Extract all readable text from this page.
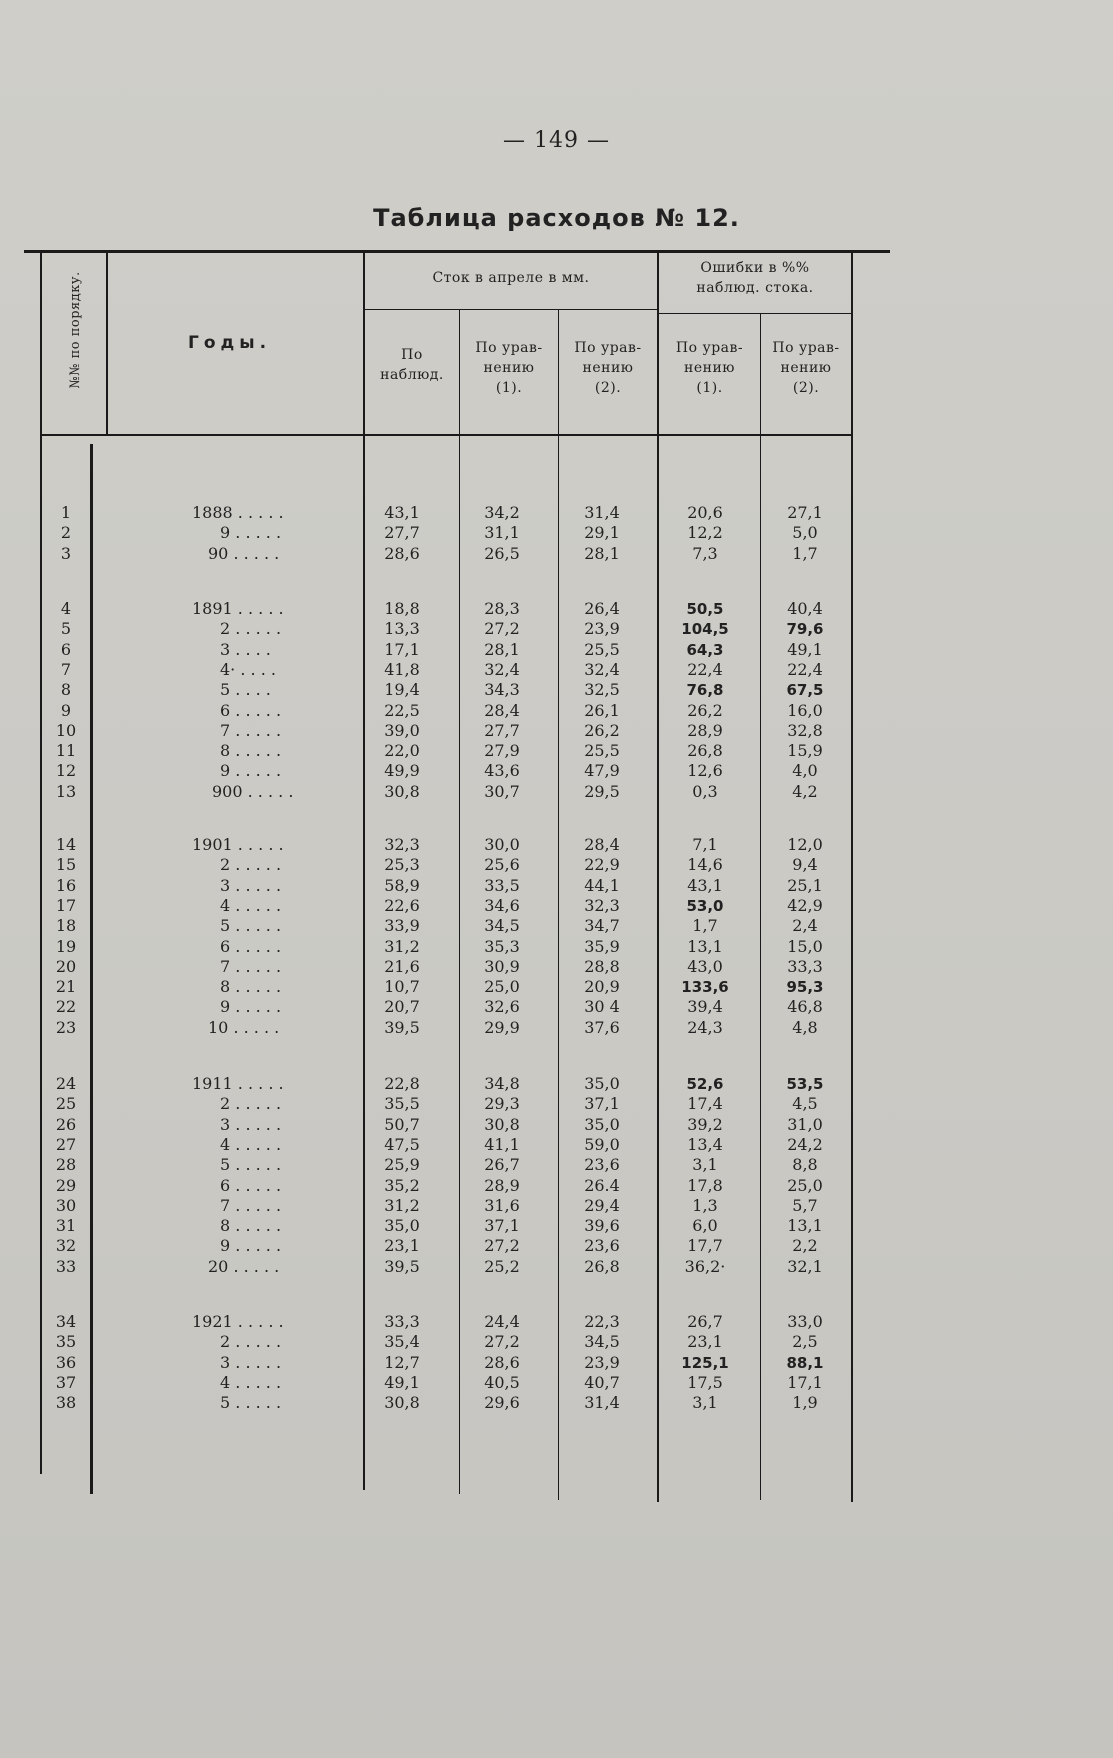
— 149 —
Таблица расходов № 12.
№№ по порядку.	Годы.
Сток в апреле в мм.
Ошибки в %%
наблюд. стока.
По
наблюд.
По урав-
нению
(1).
По урав-
нению
(2).
По урав-
нению
(1).
По урав-
нению
(2).
1	1888 . . . . .	43,1	34,2	31,4	20,6	27,1
2	9 . . . . .	27,7	31,1	29,1	12,2	5,0
3	90 . . . . .	28,6	26,5	28,1	7,3	1,7
4	1891 . . . . .	18,8	28,3	26,4	50,5	40,4
5	2 . . . . .	13,3	27,2	23,9	104,5	79,6
6	3 . . . .	17,1	28,1	25,5	64,3	49,1
7	4· . . . .	41,8	32,4	32,4	22,4	22,4
8	5 . . . .	19,4	34,3	32,5	76,8	67,5
9	6 . . . . .	22,5	28,4	26,1	26,2	16,0
10	7 . . . . .	39,0	27,7	26,2	28,9	32,8
11	8 . . . . .	22,0	27,9	25,5	26,8	15,9
12	9 . . . . .	49,9	43,6	47,9	12,6	4,0
13	900 . . . . .	30,8	30,7	29,5	0,3	4,2
14	1901 . . . . .	32,3	30,0	28,4	7,1	12,0
15	2 . . . . .	25,3	25,6	22,9	14,6	9,4
16	3 . . . . .	58,9	33,5	44,1	43,1	25,1
17	4 . . . . .	22,6	34,6	32,3	53,0	42,9
18	5 . . . . .	33,9	34,5	34,7	1,7	2,4
19	6 . . . . .	31,2	35,3	35,9	13,1	15,0
20	7 . . . . .	21,6	30,9	28,8	43,0	33,3
21	8 . . . . .	10,7	25,0	20,9	133,6	95,3
22	9 . . . . .	20,7	32,6	30 4	39,4	46,8
23	10 . . . . .	39,5	29,9	37,6	24,3	4,8
24	1911 . . . . .	22,8	34,8	35,0	52,6	53,5
25	2 . . . . .	35,5	29,3	37,1	17,4	4,5
26	3 . . . . .	50,7	30,8	35,0	39,2	31,0
27	4 . . . . .	47,5	41,1	59,0	13,4	24,2
28	5 . . . . .	25,9	26,7	23,6	3,1	8,8
29	6 . . . . .	35,2	28,9	26.4	17,8	25,0
30	7 . . . . .	31,2	31,6	29,4	1,3	5,7
31	8 . . . . .	35,0	37,1	39,6	6,0	13,1
32	9 . . . . .	23,1	27,2	23,6	17,7	2,2
33	20 . . . . .	39,5	25,2	26,8	36,2·	32,1
34	1921 . . . . .	33,3	24,4	22,3	26,7	33,0
35	2 . . . . .	35,4	27,2	34,5	23,1	2,5
36	3 . . . . .	12,7	28,6	23,9	125,1	88,1
37	4 . . . . .	49,1	40,5	40,7	17,5	17,1
38	5 . . . . .	30,8	29,6	31,4	3,1	1,9
